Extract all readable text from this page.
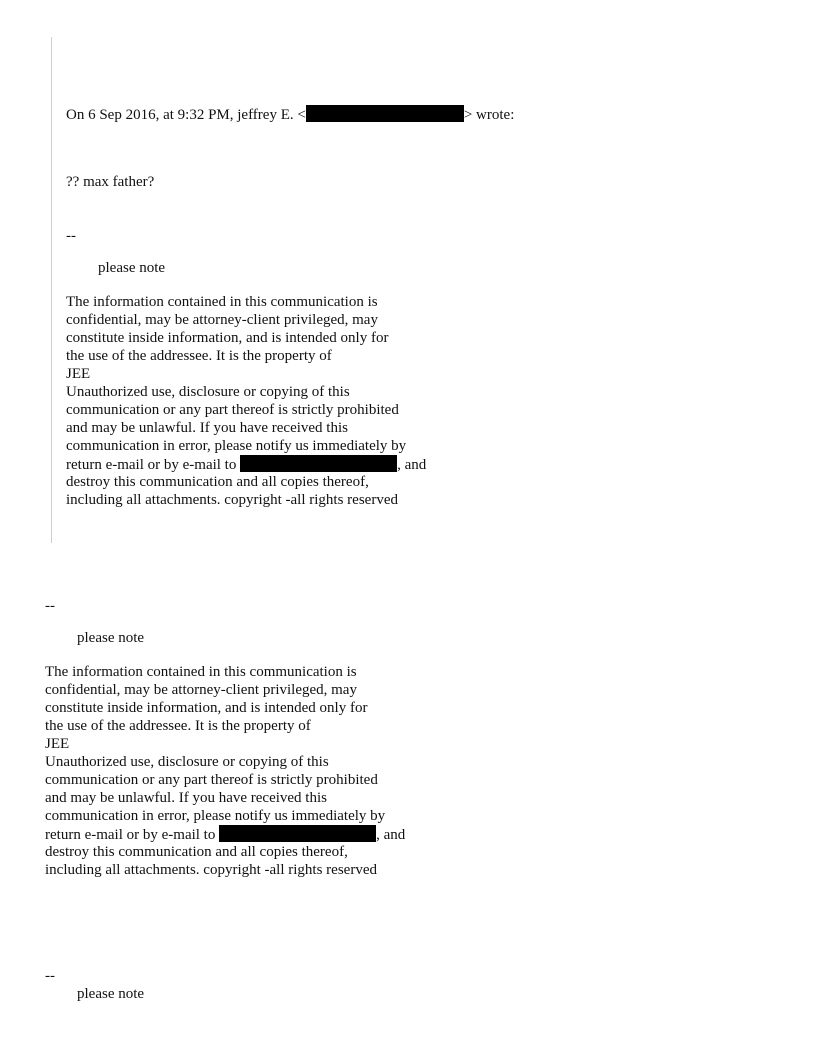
On 6 Sep 2016, at 9:32 PM, jeffrey E. <	> wrote:
?? max father?
--
please note
The information contained in this communication is
confidential, may be attorney-client privileged, may
constitute inside information, and is intended only for
the use of the addressee. It is the property of
JEE
Unauthorized use, disclosure or copying of this
communication or any part thereof is strictly prohibited
and may be unlawful. If you have received this
communication in error, please notify us immediately by
return e-mail or by e-mail to	, and
destroy this communication and all copies thereof,
including all attachments. copyright -all rights reserved
--
please note
The information contained in this communication is
confidential, may be attorney-client privileged, may
constitute inside information, and is intended only for
the use of the addressee. It is the property of
JEE
Unauthorized use, disclosure or copying of this
communication or any part thereof is strictly prohibited
and may be unlawful. If you have received this
communication in error, please notify us immediately by
return e-mail or by e-mail to	, and
destroy this communication and all copies thereof,
including all attachments. copyright -all rights reserved
--
please note
